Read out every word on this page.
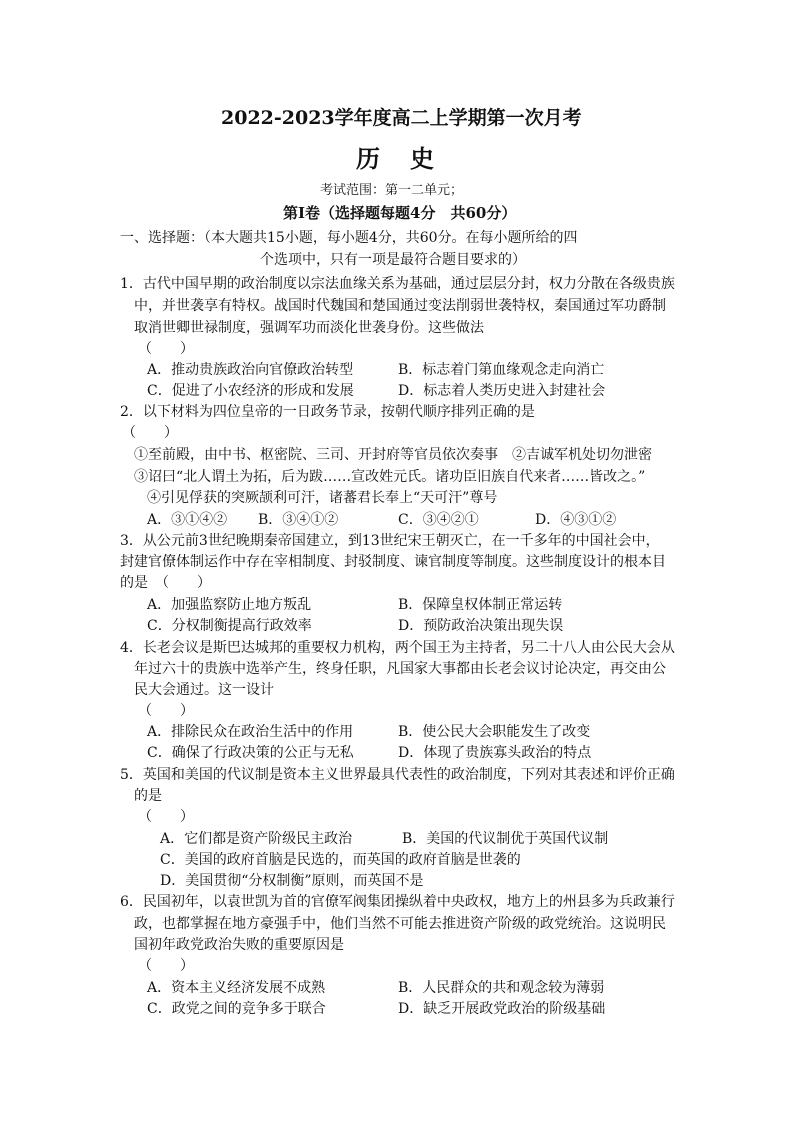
2022-2023学年度高二上学期第一次月考
历 史
考试范围：第一二单元；
第Ⅰ卷（选择题每题4分　共60分）
一、选择题：（本大题共15小题，每小题4分，共60分。在每小题所给的四
个选项中，只有一项是最符合题目要求的）
1．古代中国早期的政治制度以宗法血缘关系为基础，通过层层分封，权力分散在各级贵族
中，并世袭享有特权。战国时代魏国和楚国通过变法削弱世袭特权，秦国通过军功爵制
取消世卿世禄制度，强调军功而淡化世袭身份。这些做法
（　　）
A．推动贵族政治向官僚政治转型	B．标志着门第血缘观念走向消亡
C．促进了小农经济的形成和发展	D．标志着人类历史进入封建社会
2．以下材料为四位皇帝的一日政务节录，按朝代顺序排列正确的是
（　　）
①至前殿，由中书、枢密院、三司、开封府等官员依次奏事　②吉诚军机处切勿泄密
③诏曰“北人谓土为拓，后为跋……宣改姓元氏。诸功臣旧族自代来者……皆改之。”
④引见俘获的突厥颉利可汗，诸蕃君长奉上“天可汗”尊号
A．③①④② B．③④①②	C．③④②①	D．④③①②
3．从公元前3世纪晚期秦帝国建立，到13世纪宋王朝灭亡，在一千多年的中国社会中，
封建官僚体制运作中存在宰相制度、封驳制度、谏官制度等制度。这些制度设计的根本目
的是　（　　）
A．加强监察防止地方叛乱	B．保障皇权体制正常运转
C．分权制衡提高行政效率	D．预防政治决策出现失误
4．长老会议是斯巴达城邦的重要权力机构，两个国王为主持者，另二十八人由公民大会从
年过六十的贵族中选举产生，终身任职，凡国家大事都由长老会议讨论决定，再交由公
民大会通过。这一设计
（　　）
A．排除民众在政治生活中的作用	B．使公民大会职能发生了改变
C．确保了行政决策的公正与无私	D．体现了贵族寡头政治的特点
5．英国和美国的代议制是资本主义世界最具代表性的政治制度，下列对其表述和评价正确
的是
（　　）
A．它们都是资产阶级民主政治	B．美国的代议制优于英国代议制
C．美国的政府首脑是民选的，而英国的政府首脑是世袭的
D．美国贯彻“分权制衡”原则，而英国不是
6．民国初年，以袁世凯为首的官僚军阀集团操纵着中央政权，地方上的州县多为兵政兼行
政，也都掌握在地方豪强手中，他们当然不可能去推进资产阶级的政党统治。这说明民
国初年政党政治失败的重要原因是
（　　）
A．资本主义经济发展不成熟	B．人民群众的共和观念较为薄弱
C．政党之间的竞争多于联合	D．缺乏开展政党政治的阶级基础
